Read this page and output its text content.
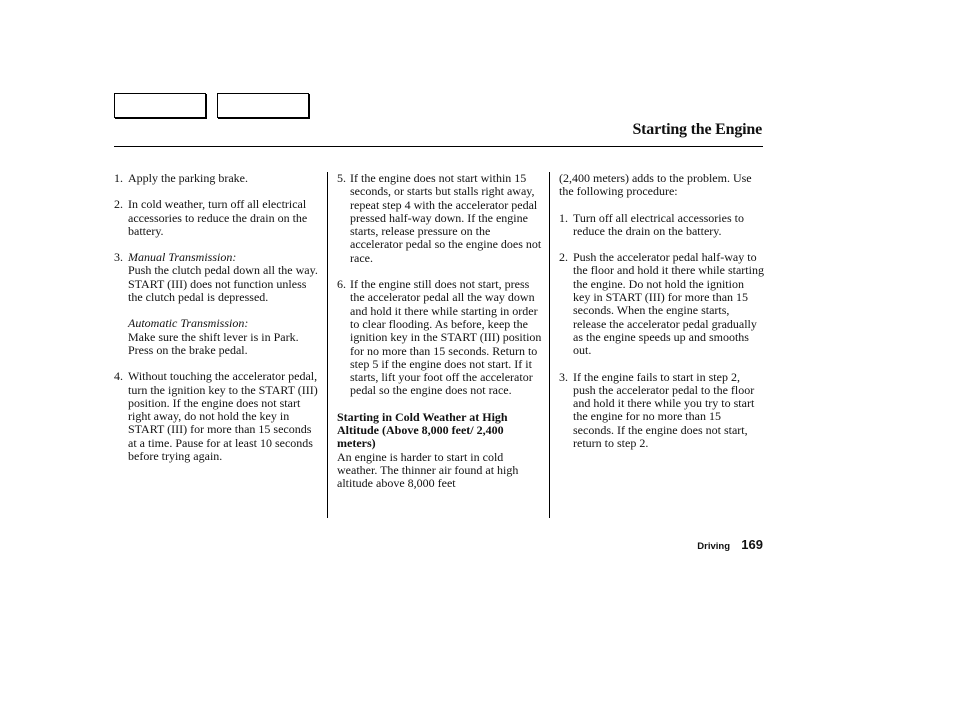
Starting the Engine
1. Apply the parking brake.

2. In cold weather, turn off all electrical accessories to reduce the drain on the battery.

3. Manual Transmission:

Push the clutch pedal down all the way. START (III) does not function unless the clutch pedal is depressed.

Automatic Transmission:

Make sure the shift lever is in Park. Press on the brake pedal.

4. Without touching the accelerator pedal, turn the ignition key to the START (III) position. If the engine does not start right away, do not hold the key in START (III) for more than 15 seconds at a time. Pause for at least 10 seconds before trying again.

5. If the engine does not start within 15 seconds, or starts but stalls right away, repeat step 4 with the accelerator pedal pressed half-way down. If the engine starts, release pressure on the accelerator pedal so the engine does not race.

6. If the engine still does not start, press the accelerator pedal all the way down and hold it there while starting in order to clear flooding. As before, keep the ignition key in the START (III) position for no more than 15 seconds. Return to step 5 if the engine does not start. If it starts, lift your foot off the accelerator pedal so the engine does not race.

Starting in Cold Weather at High Altitude (Above 8,000 feet/ 2,400 meters)

An engine is harder to start in cold weather. The thinner air found at high altitude above 8,000 feet

(2,400 meters) adds to the problem. Use the following procedure:

1. Turn off all electrical accessories to reduce the drain on the battery.

2. Push the accelerator pedal half-way to the floor and hold it there while starting the engine. Do not hold the ignition key in START (III) for more than 15 seconds. When the engine starts, release the accelerator pedal gradually as the engine speeds up and smooths out.

3. If the engine fails to start in step 2, push the accelerator pedal to the floor and hold it there while you try to start the engine for no more than 15 seconds. If the engine does not start, return to step 2.

Driving 169
